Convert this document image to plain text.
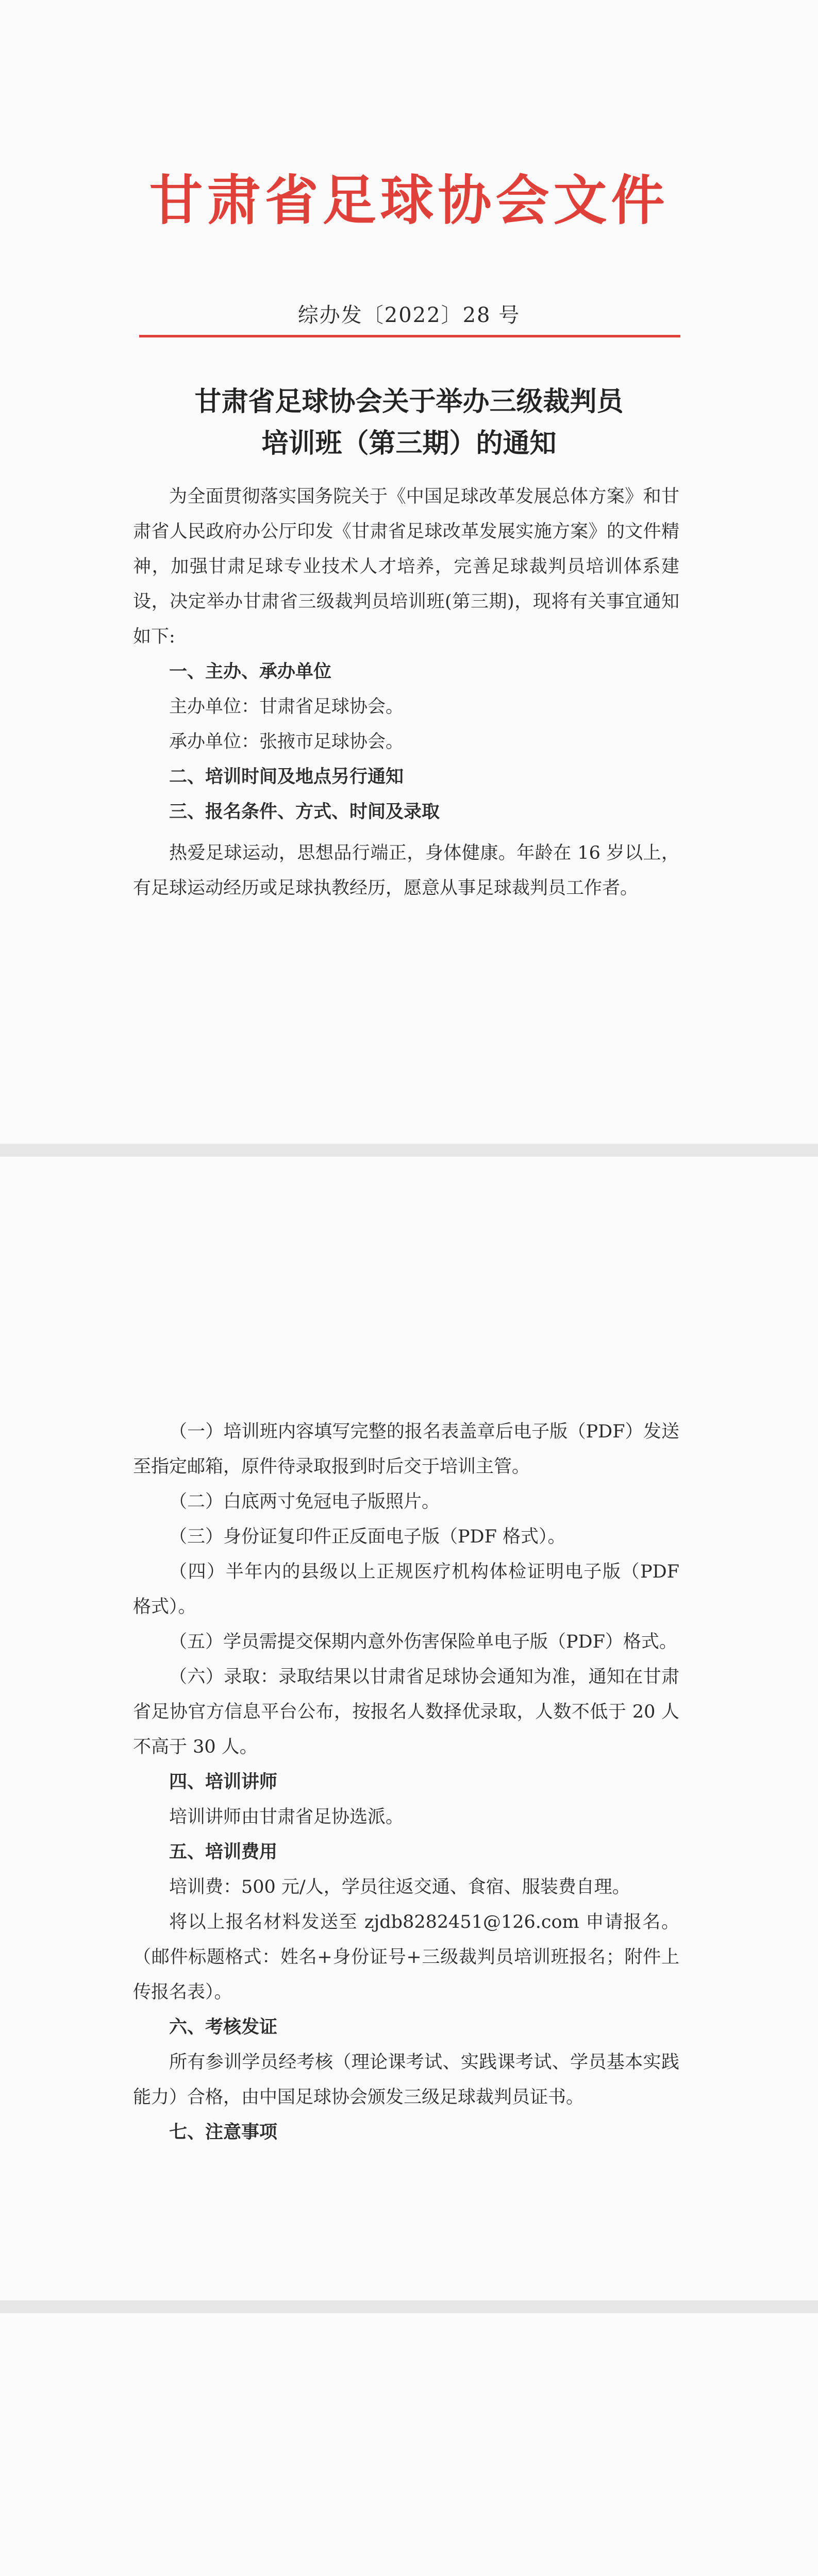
甘肃省足球协会文件
综办发〔2022〕28 号
甘肃省足球协会关于举办三级裁判员
培训班（第三期）的通知

为全面贯彻落实国务院关于《中国足球改革发展总体方案》和甘肃省人民政府办公厅印发《甘肃省足球改革发展实施方案》的文件精神，加强甘肃足球专业技术人才培养，完善足球裁判员培训体系建设，决定举办甘肃省三级裁判员培训班(第三期)，现将有关事宜通知如下:

一、主办、承办单位

主办单位：甘肃省足球协会。

承办单位：张掖市足球协会。

二、培训时间及地点另行通知

三、报名条件、方式、时间及录取

热爱足球运动，思想品行端正，身体健康。年龄在 16 岁以上，有足球运动经历或足球执教经历，愿意从事足球裁判员工作者。

（一）培训班内容填写完整的报名表盖章后电子版（PDF）发送至指定邮箱，原件待录取报到时后交于培训主管。

（二）白底两寸免冠电子版照片。

（三）身份证复印件正反面电子版（PDF 格式）。

（四）半年内的县级以上正规医疗机构体检证明电子版（PDF 格式）。

（五）学员需提交保期内意外伤害保险单电子版（PDF）格式。

（六）录取：录取结果以甘肃省足球协会通知为准，通知在甘肃省足协官方信息平台公布，按报名人数择优录取，人数不低于 20 人不高于 30 人。

四、培训讲师

培训讲师由甘肃省足协选派。

五、培训费用

培训费：500 元/人，学员往返交通、食宿、服装费自理。

将以上报名材料发送至 zjdb8282451@126.com 申请报名。（邮件标题格式：姓名+身份证号+三级裁判员培训班报名；附件上传报名表）。

六、考核发证

所有参训学员经考核（理论课考试、实践课考试、学员基本实践能力）合格，由中国足球协会颁发三级足球裁判员证书。

七、注意事项
